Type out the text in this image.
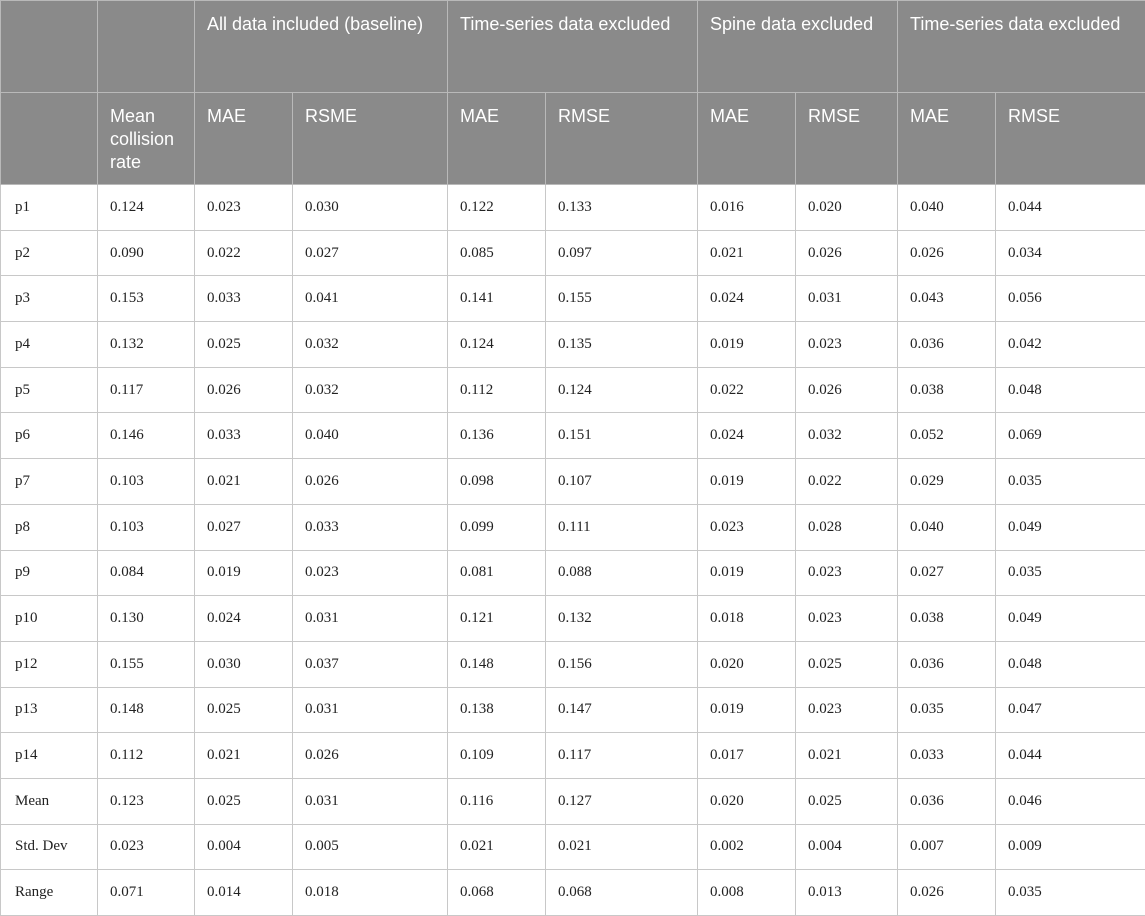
		All data included (baseline)		Time-series data excluded		Spine data excluded		Time-series data excluded	
	Mean collision rate	MAE	RSME	MAE	RMSE	MAE	RMSE	MAE	RMSE
p1	0.124	0.023	0.030	0.122	0.133	0.016	0.020	0.040	0.044
p2	0.090	0.022	0.027	0.085	0.097	0.021	0.026	0.026	0.034
p3	0.153	0.033	0.041	0.141	0.155	0.024	0.031	0.043	0.056
p4	0.132	0.025	0.032	0.124	0.135	0.019	0.023	0.036	0.042
p5	0.117	0.026	0.032	0.112	0.124	0.022	0.026	0.038	0.048
p6	0.146	0.033	0.040	0.136	0.151	0.024	0.032	0.052	0.069
p7	0.103	0.021	0.026	0.098	0.107	0.019	0.022	0.029	0.035
p8	0.103	0.027	0.033	0.099	0.111	0.023	0.028	0.040	0.049
p9	0.084	0.019	0.023	0.081	0.088	0.019	0.023	0.027	0.035
p10	0.130	0.024	0.031	0.121	0.132	0.018	0.023	0.038	0.049
p12	0.155	0.030	0.037	0.148	0.156	0.020	0.025	0.036	0.048
p13	0.148	0.025	0.031	0.138	0.147	0.019	0.023	0.035	0.047
p14	0.112	0.021	0.026	0.109	0.117	0.017	0.021	0.033	0.044
Mean	0.123	0.025	0.031	0.116	0.127	0.020	0.025	0.036	0.046
Std. Dev	0.023	0.004	0.005	0.021	0.021	0.002	0.004	0.007	0.009
Range	0.071	0.014	0.018	0.068	0.068	0.008	0.013	0.026	0.035
